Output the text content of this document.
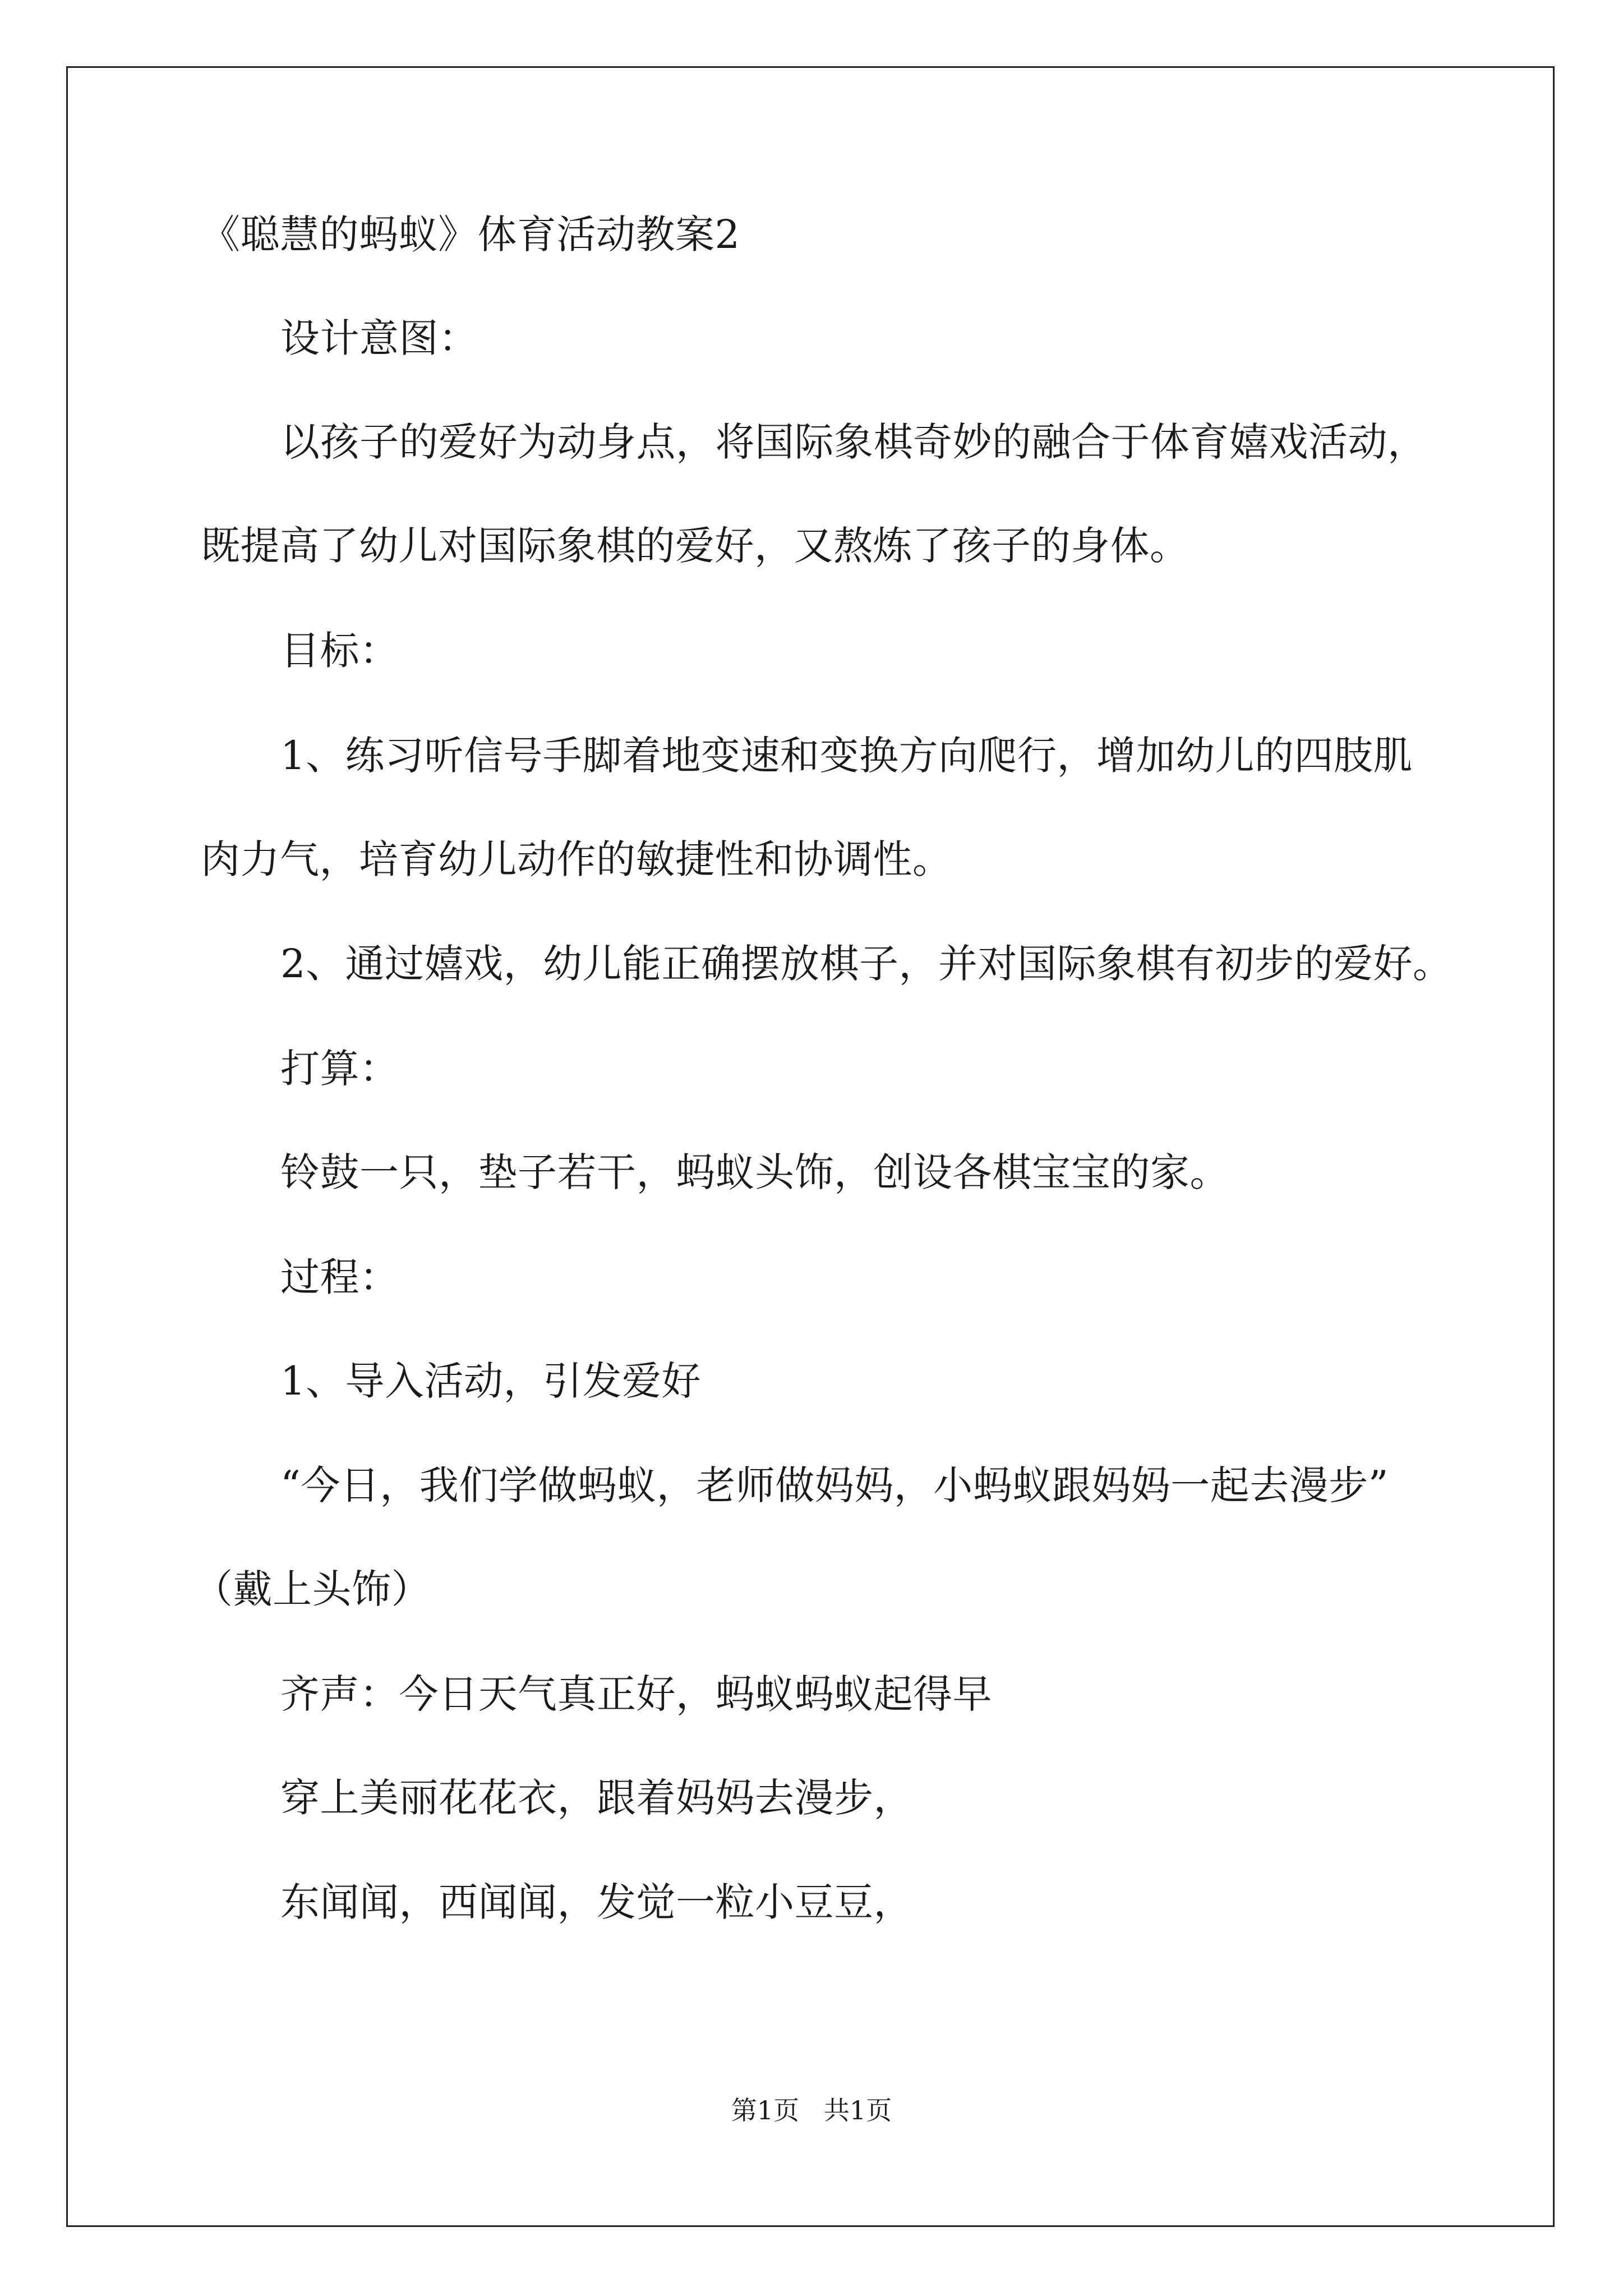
《聪慧的蚂蚁》体育活动教案2
设计意图：
以孩子的爱好为动身点，将国际象棋奇妙的融合于体育嬉戏活动，
既提高了幼儿对国际象棋的爱好，又熬炼了孩子的身体。
目标：
1、练习听信号手脚着地变速和变换方向爬行，增加幼儿的四肢肌
肉力气，培育幼儿动作的敏捷性和协调性。
2、通过嬉戏，幼儿能正确摆放棋子，并对国际象棋有初步的爱好。
打算：
铃鼓一只，垫子若干，蚂蚁头饰，创设各棋宝宝的家。
过程：
1、导入活动，引发爱好
“今日，我们学做蚂蚁，老师做妈妈，小蚂蚁跟妈妈一起去漫步”
（戴上头饰）
齐声：今日天气真正好，蚂蚁蚂蚁起得早
穿上美丽花花衣，跟着妈妈去漫步，
东闻闻，西闻闻，发觉一粒小豆豆，
第1页   共1页
